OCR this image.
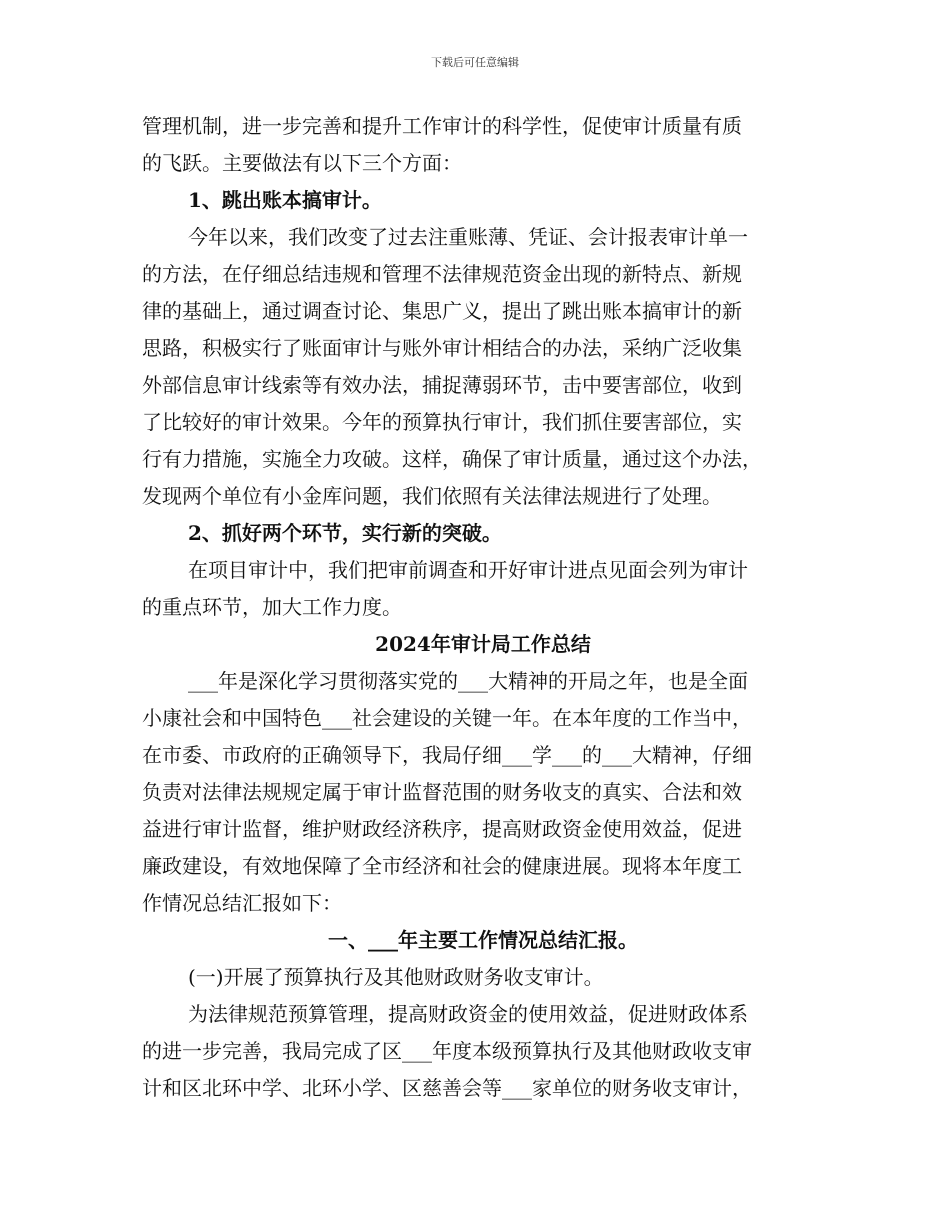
下载后可任意编辑
管理机制，进一步完善和提升工作审计的科学性，促使审计质量有质
的飞跃。主要做法有以下三个方面：
1、跳出账本搞审计。
今年以来，我们改变了过去注重账薄、凭证、会计报表审计单一
的方法，在仔细总结违规和管理不法律规范资金出现的新特点、新规
律的基础上，通过调查讨论、集思广义，提出了跳出账本搞审计的新
思路，积极实行了账面审计与账外审计相结合的办法，采纳广泛收集
外部信息审计线索等有效办法，捕捉薄弱环节，击中要害部位，收到
了比较好的审计效果。今年的预算执行审计，我们抓住要害部位，实
行有力措施，实施全力攻破。这样，确保了审计质量，通过这个办法，
发现两个单位有小金库问题，我们依照有关法律法规进行了处理。
2、抓好两个环节，实行新的突破。
在项目审计中，我们把审前调查和开好审计进点见面会列为审计
的重点环节，加大工作力度。
2024年审计局工作总结
___年是深化学习贯彻落实党的___大精神的开局之年，也是全面
小康社会和中国特色___社会建设的关键一年。在本年度的工作当中，
在市委、市政府的正确领导下，我局仔细___学___的___大精神，仔细
负责对法律法规规定属于审计监督范围的财务收支的真实、合法和效
益进行审计监督，维护财政经济秩序，提高财政资金使用效益，促进
廉政建设，有效地保障了全市经济和社会的健康进展。现将本年度工
作情况总结汇报如下：
一、___年主要工作情况总结汇报。
(一)开展了预算执行及其他财政财务收支审计。
为法律规范预算管理，提高财政资金的使用效益，促进财政体系
的进一步完善，我局完成了区___年度本级预算执行及其他财政收支审
计和区北环中学、北环小学、区慈善会等___家单位的财务收支审计，
